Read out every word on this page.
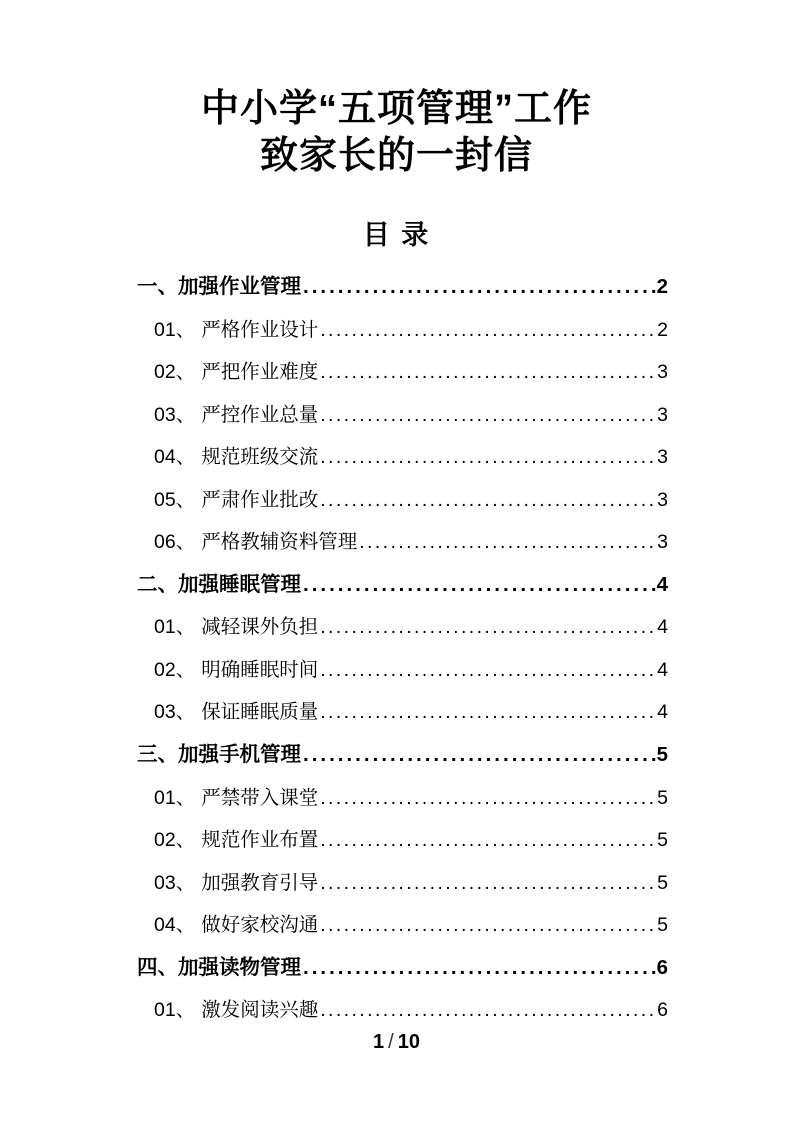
中小学“五项管理”工作
致家长的一封信
目 录
一、 加强作业管理 .....	2
01、 严格作业设计 .....	2
02、 严把作业难度 .....	3
03、 严控作业总量 .....	3
04、 规范班级交流 .....	3
05、 严肃作业批改 .....	3
06、 严格教辅资料管理 .....	3
二、 加强睡眠管理 .....	4
01、 减轻课外负担 .....	4
02、 明确睡眠时间 .....	4
03、 保证睡眠质量 .....	4
三、 加强手机管理 .....	5
01、 严禁带入课堂 .....	5
02、 规范作业布置 .....	5
03、 加强教育引导 .....	5
04、 做好家校沟通 .....	5
四、 加强读物管理 .....	6
01、 激发阅读兴趣 .....	6
1 / 10
